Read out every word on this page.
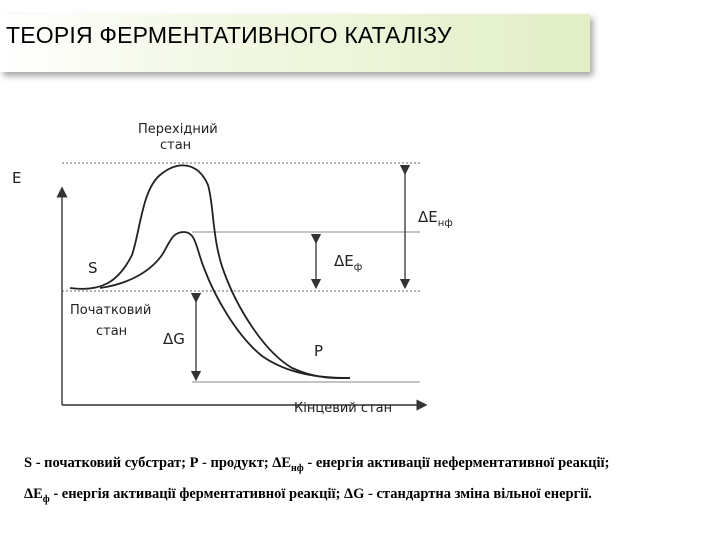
ТЕОРІЯ ФЕРМЕНТАТИВНОГО КАТАЛІЗУ
E
Перехідний
стан
S
Початковий
стан ΔG
P
Кінцевий стан
$\Delta E_{нф}$
$\Delta E_ф$
S - початковий субстрат; Р - продукт; $\Delta Е_{нф}$ - енергія активації неферментативної реакції;
$\Delta Е_ф$ - енергія активації ферментативної реакції; ΔG - стандартна зміна вільної енергії.
